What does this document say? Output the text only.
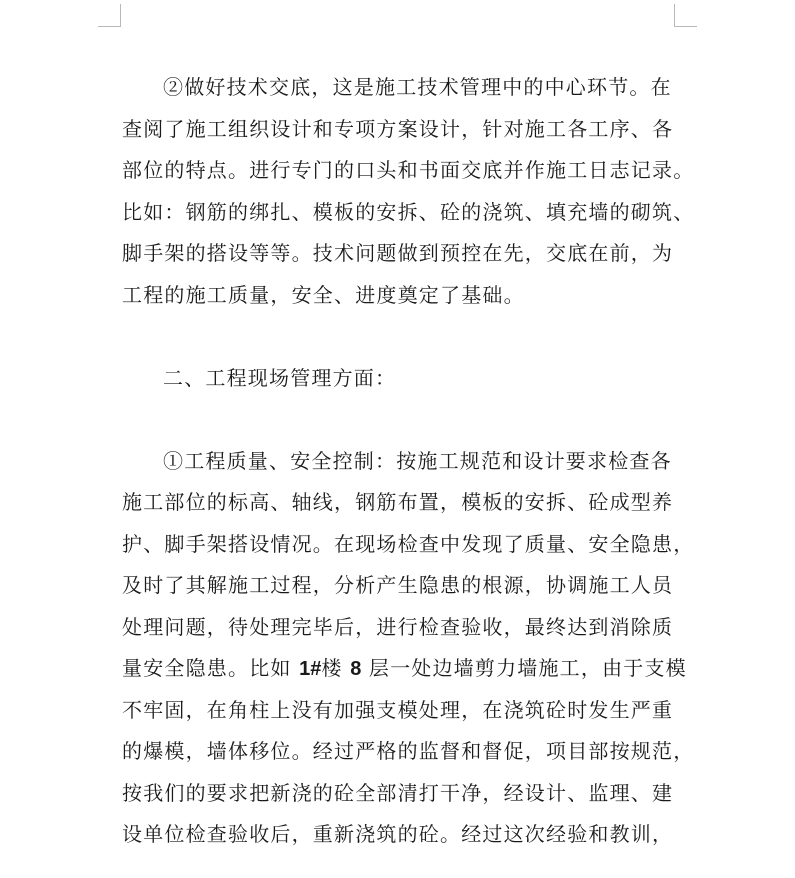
②做好技术交底，这是施工技术管理中的中心环节。在
查阅了施工组织设计和专项方案设计，针对施工各工序、各
部位的特点。进行专门的口头和书面交底并作施工日志记录。
比如：钢筋的绑扎、模板的安拆、砼的浇筑、填充墙的砌筑、
脚手架的搭设等等。技术问题做到预控在先，交底在前，为
工程的施工质量，安全、进度奠定了基础。
二、工程现场管理方面：
①工程质量、安全控制：按施工规范和设计要求检查各
施工部位的标高、轴线，钢筋布置，模板的安拆、砼成型养
护、脚手架搭设情况。在现场检查中发现了质量、安全隐患，
及时了其解施工过程，分析产生隐患的根源，协调施工人员
处理问题，待处理完毕后，进行检查验收，最终达到消除质
量安全隐患。比如 1#楼 8 层一处边墙剪力墙施工，由于支模
不牢固，在角柱上没有加强支模处理，在浇筑砼时发生严重
的爆模，墙体移位。经过严格的监督和督促，项目部按规范，
按我们的要求把新浇的砼全部清打干净，经设计、监理、建
设单位检查验收后，重新浇筑的砼。经过这次经验和教训，
